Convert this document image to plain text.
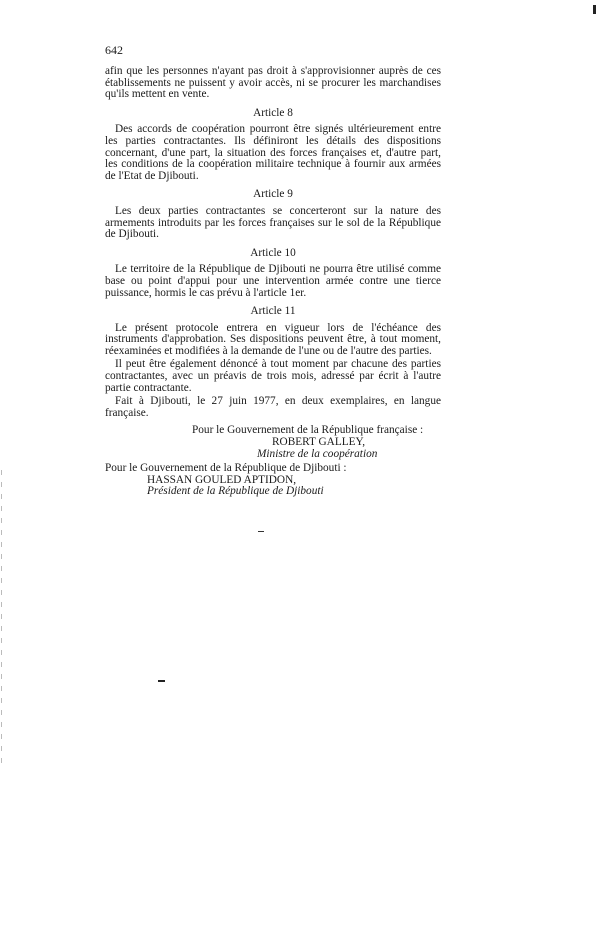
642

afin que les personnes n'ayant pas droit à s'approvisionner auprès de ces établissements ne puissent y avoir accès, ni se procurer les marchandises qu'ils mettent en vente.

Article 8

Des accords de coopération pourront être signés ultérieurement entre les parties contractantes. Ils définiront les détails des dispositions concernant, d'une part, la situation des forces françaises et, d'autre part, les conditions de la coopération militaire technique à fournir aux armées de l'Etat de Djibouti.

Article 9

Les deux parties contractantes se concerteront sur la nature des armements introduits par les forces françaises sur le sol de la République de Djibouti.

Article 10

Le territoire de la République de Djibouti ne pourra être utilisé comme base ou point d'appui pour une intervention armée contre une tierce puissance, hormis le cas prévu à l'article 1er.

Article 11

Le présent protocole entrera en vigueur lors de l'échéance des instruments d'approbation. Ses dispositions peuvent être, à tout moment, réexaminées et modifiées à la demande de l'une ou de l'autre des parties.

Il peut être également dénoncé à tout moment par chacune des parties contractantes, avec un préavis de trois mois, adressé par écrit à l'autre partie contractante.

Fait à Djibouti, le 27 juin 1977, en deux exemplaires, en langue française.

Pour le Gouvernement de la République française :
ROBERT GALLEY,
Ministre de la coopération
Pour le Gouvernement de la République de Djibouti :
HASSAN GOULED APTIDON,
Président de la République de Djibouti
